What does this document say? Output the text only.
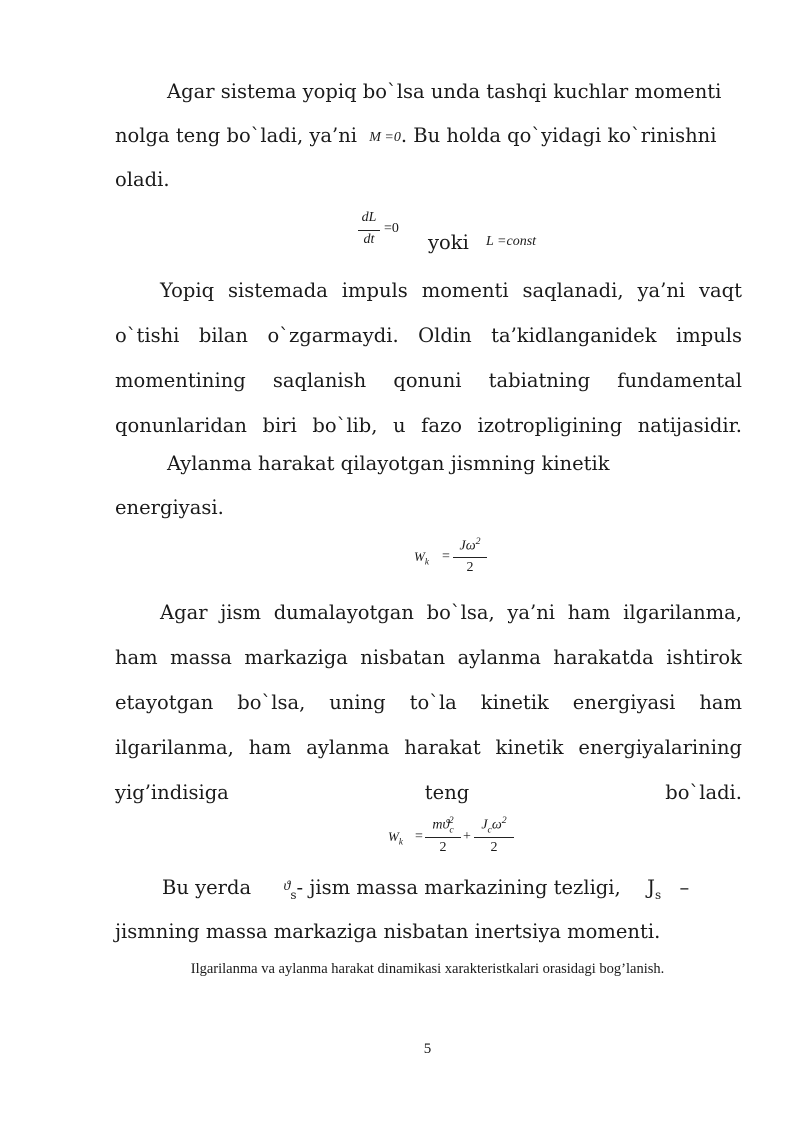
Agar sistema yopiq bo`lsa unda tashqi kuchlar momenti
nolga teng bo`ladi, ya’ni M =0. Bu holda qo`yidagi ko`rinishni
oladi.
dL
dt
=0
yoki L =const
Yopiq sistemada impuls momenti saqlanadi, ya’ni vaqt o`tishi bilan o`zgarmaydi. Oldin ta’kidlanganidek impuls momentining saqlanish qonuni tabiatning fundamental qonunlaridan biri bo`lib, u fazo izotropligining natijasidir.
Aylanma harakat qilayotgan jismning kinetik
energiyasi.
$W_k$ =
$J\omega^2$
2
Agar jism dumalayotgan bo`lsa, ya’ni ham ilgarilanma, ham massa markaziga nisbatan aylanma harakatda ishtirok etayotgan bo`lsa, uning to`la kinetik energiyasi ham ilgarilanma, ham aylanma harakat kinetik energiyalarining yig’indisiga teng bo`ladi.
$W_k$ =
$mϑ_c^2$
2
+
$J_c\omega^2$
2
Bu yerda $^ϑ_s$- jism massa markazining tezligi, $J_s$ –
jismning massa markaziga nisbatan inertsiya momenti.
Ilgarilanma va aylanma harakat dinamikasi xarakteristkalari orasidagi bog’lanish.
5
